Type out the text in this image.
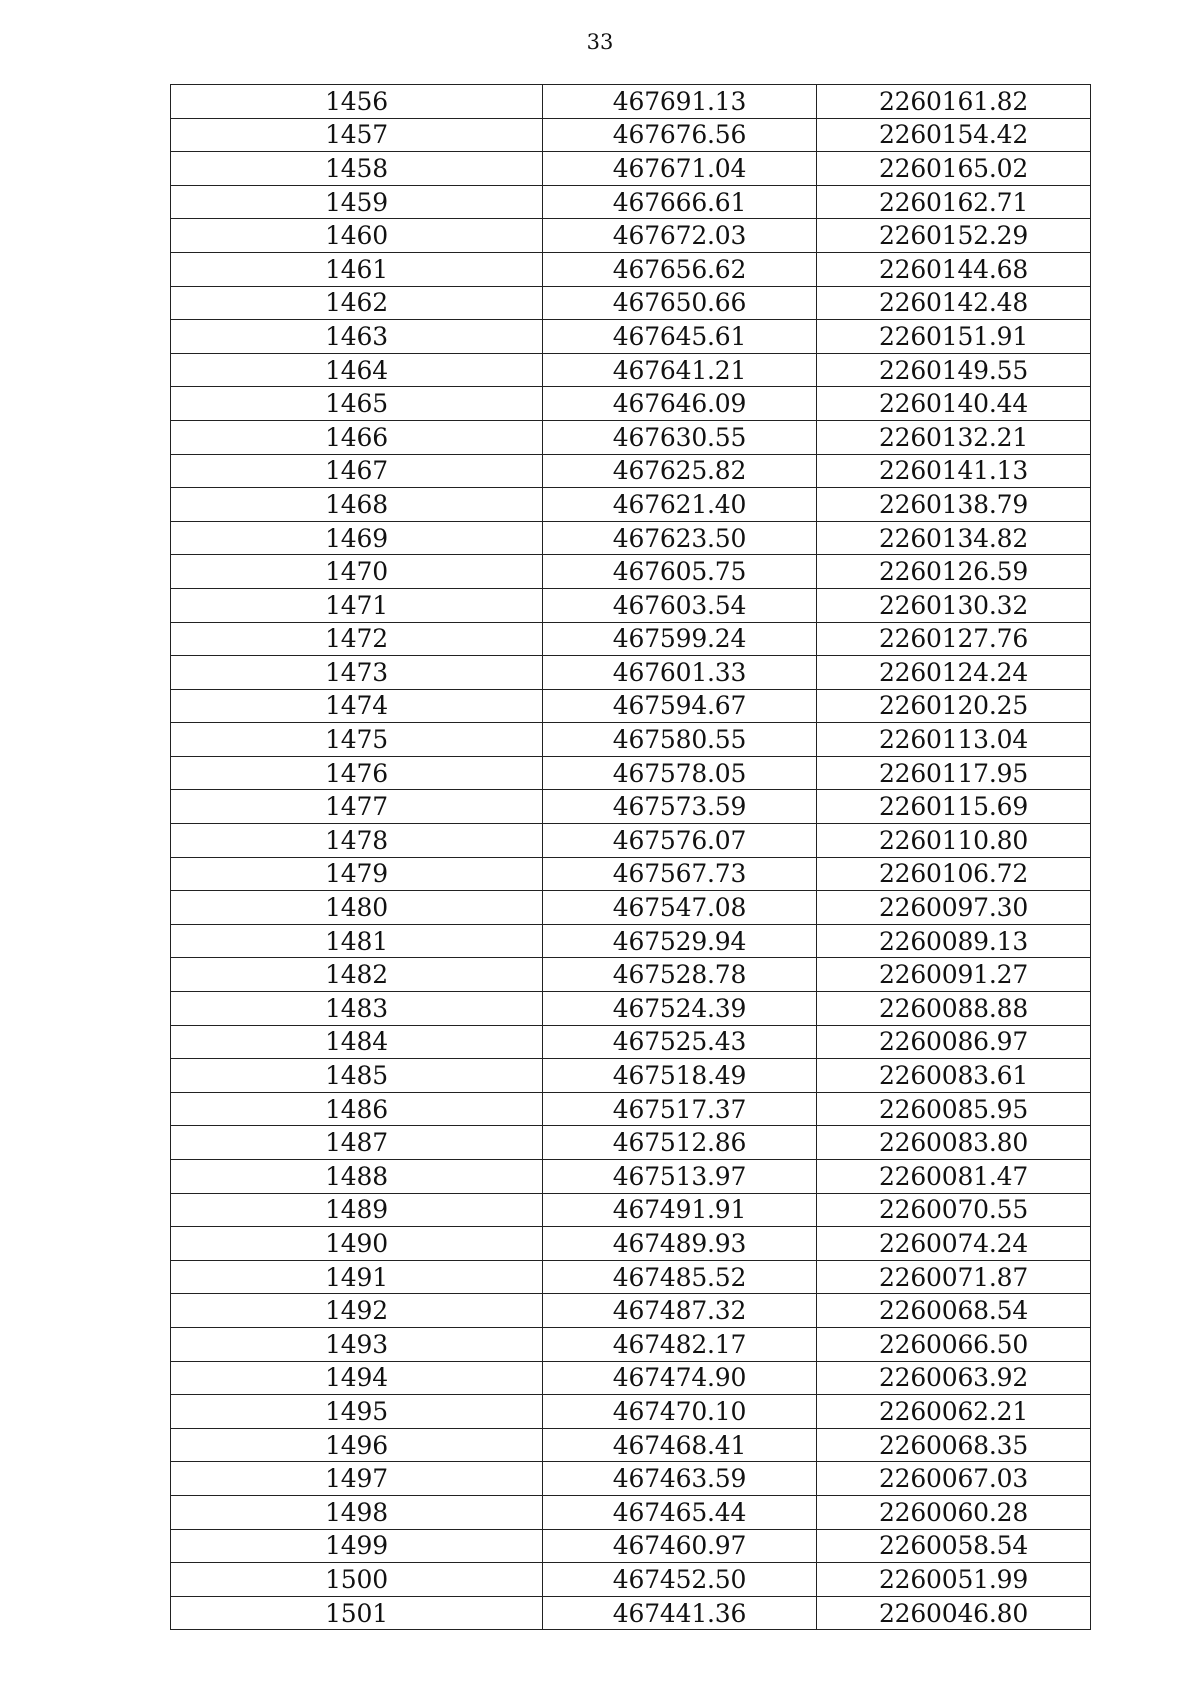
33
1456	467691.13	2260161.82
1457	467676.56	2260154.42
1458	467671.04	2260165.02
1459	467666.61	2260162.71
1460	467672.03	2260152.29
1461	467656.62	2260144.68
1462	467650.66	2260142.48
1463	467645.61	2260151.91
1464	467641.21	2260149.55
1465	467646.09	2260140.44
1466	467630.55	2260132.21
1467	467625.82	2260141.13
1468	467621.40	2260138.79
1469	467623.50	2260134.82
1470	467605.75	2260126.59
1471	467603.54	2260130.32
1472	467599.24	2260127.76
1473	467601.33	2260124.24
1474	467594.67	2260120.25
1475	467580.55	2260113.04
1476	467578.05	2260117.95
1477	467573.59	2260115.69
1478	467576.07	2260110.80
1479	467567.73	2260106.72
1480	467547.08	2260097.30
1481	467529.94	2260089.13
1482	467528.78	2260091.27
1483	467524.39	2260088.88
1484	467525.43	2260086.97
1485	467518.49	2260083.61
1486	467517.37	2260085.95
1487	467512.86	2260083.80
1488	467513.97	2260081.47
1489	467491.91	2260070.55
1490	467489.93	2260074.24
1491	467485.52	2260071.87
1492	467487.32	2260068.54
1493	467482.17	2260066.50
1494	467474.90	2260063.92
1495	467470.10	2260062.21
1496	467468.41	2260068.35
1497	467463.59	2260067.03
1498	467465.44	2260060.28
1499	467460.97	2260058.54
1500	467452.50	2260051.99
1501	467441.36	2260046.80
